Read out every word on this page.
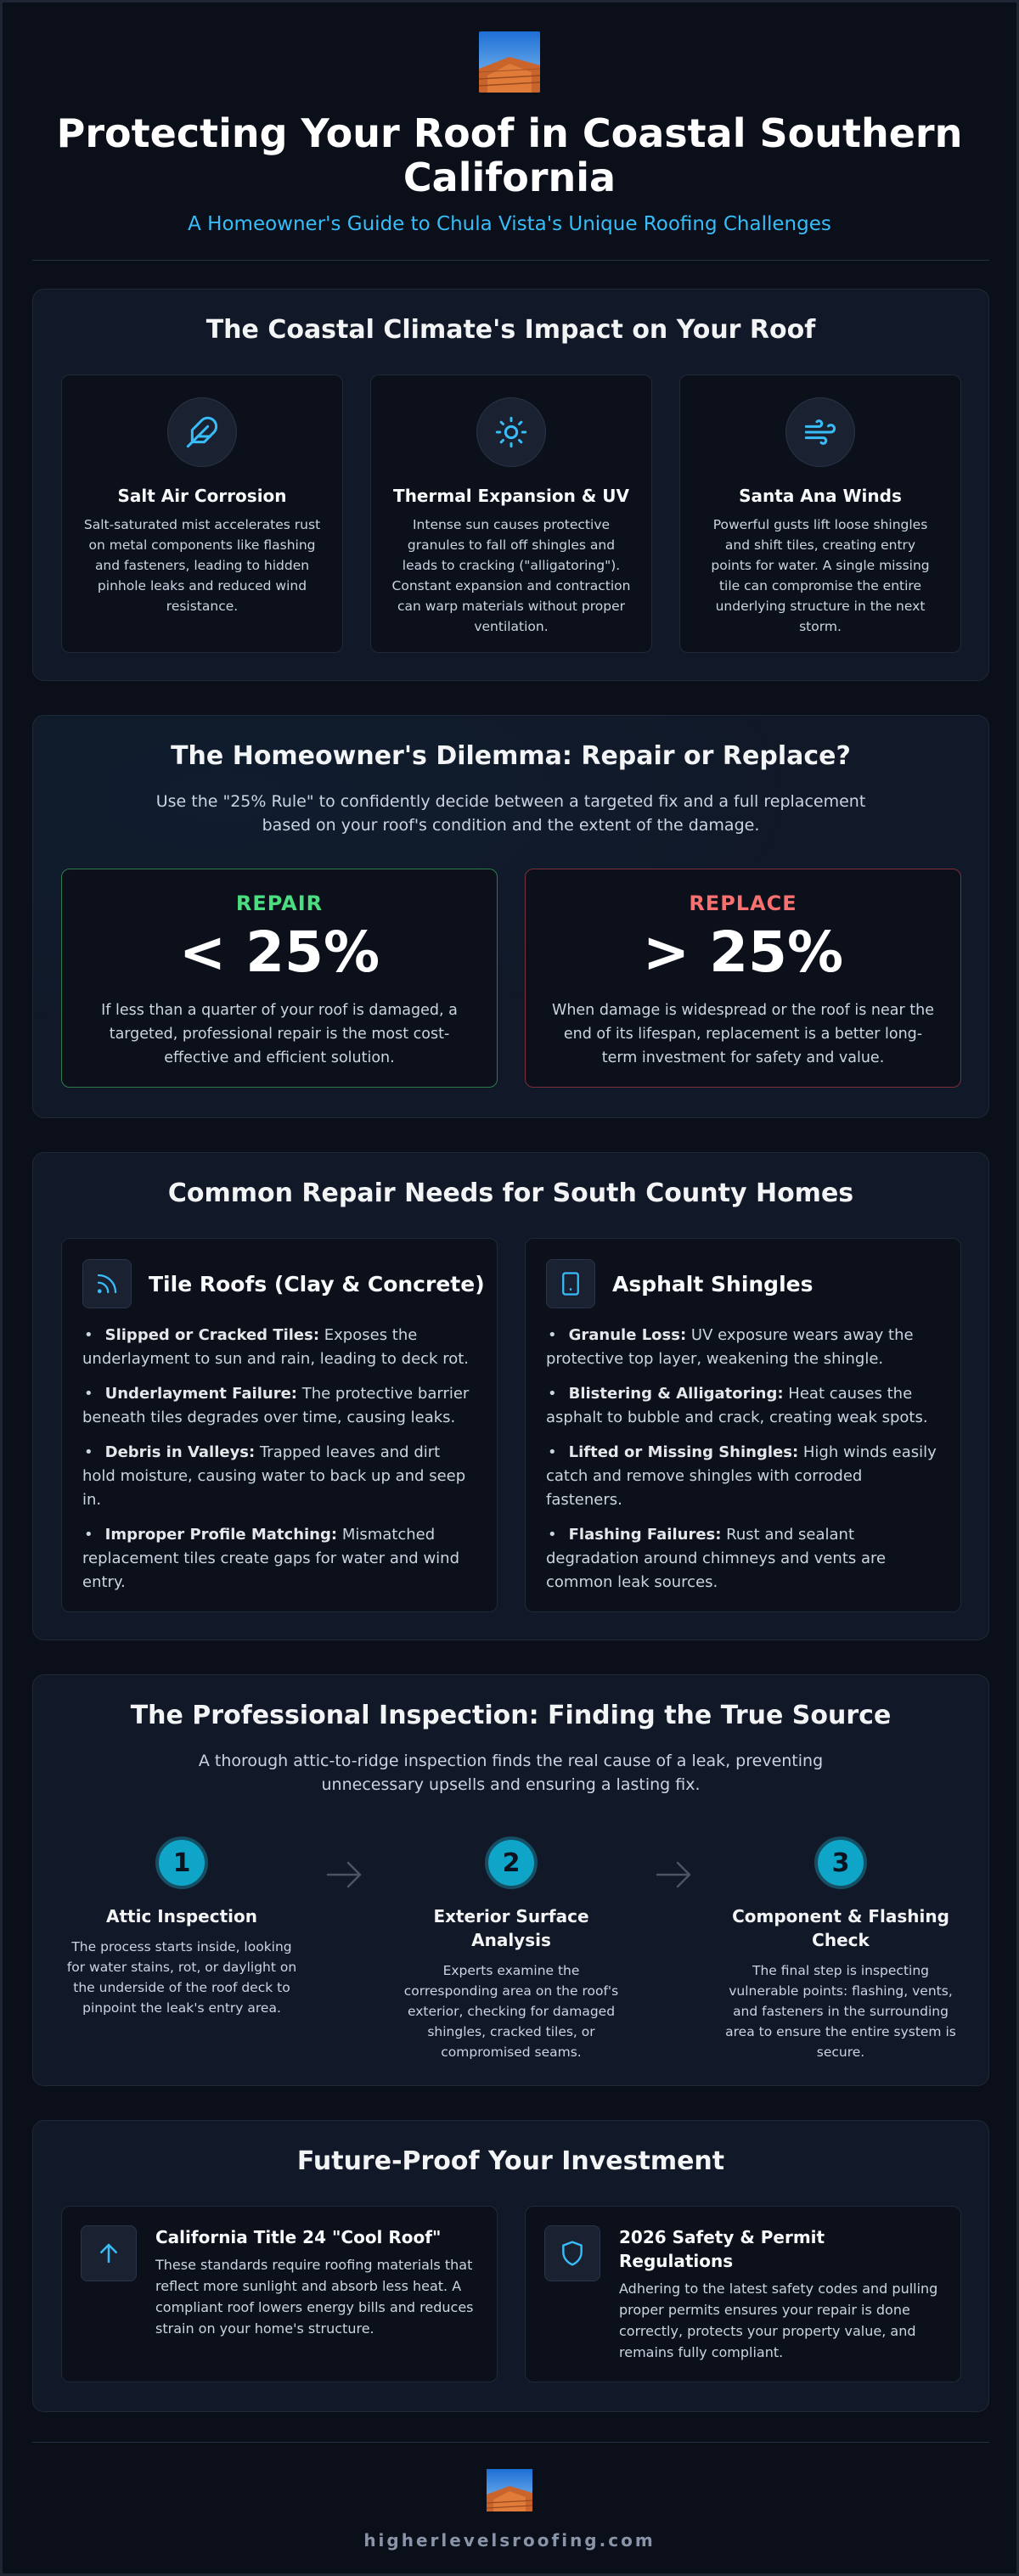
Protecting Your Roof in Coastal Southern California
A Homeowner's Guide to Chula Vista's Unique Roofing Challenges
The Coastal Climate's Impact on Your Roof
Salt Air Corrosion
Salt-saturated mist accelerates rust on metal components like flashing and fasteners, leading to hidden pinhole leaks and reduced wind resistance.
Thermal Expansion & UV
Intense sun causes protective granules to fall off shingles and leads to cracking ("alligatoring"). Constant expansion and contraction can warp materials without proper ventilation.
Santa Ana Winds
Powerful gusts lift loose shingles and shift tiles, creating entry points for water. A single missing tile can compromise the entire underlying structure in the next storm.
The Homeowner's Dilemma: Repair or Replace?
Use the "25% Rule" to confidently decide between a targeted fix and a full replacement based on your roof's condition and the extent of the damage.
REPAIR
< 25%
If less than a quarter of your roof is damaged, a targeted, professional repair is the most cost-effective and efficient solution.
REPLACE
> 25%
When damage is widespread or the roof is near the end of its lifespan, replacement is a better long-term investment for safety and value.
Common Repair Needs for South County Homes
Tile Roofs (Clay & Concrete)
• Slipped or Cracked Tiles: Exposes the underlayment to sun and rain, leading to deck rot.
• Underlayment Failure: The protective barrier beneath tiles degrades over time, causing leaks.
• Debris in Valleys: Trapped leaves and dirt hold moisture, causing water to back up and seep in.
• Improper Profile Matching: Mismatched replacement tiles create gaps for water and wind entry.
Asphalt Shingles
• Granule Loss: UV exposure wears away the protective top layer, weakening the shingle.
• Blistering & Alligatoring: Heat causes the asphalt to bubble and crack, creating weak spots.
• Lifted or Missing Shingles: High winds easily catch and remove shingles with corroded fasteners.
• Flashing Failures: Rust and sealant degradation around chimneys and vents are common leak sources.
The Professional Inspection: Finding the True Source
A thorough attic-to-ridge inspection finds the real cause of a leak, preventing unnecessary upsells and ensuring a lasting fix.
1
Attic Inspection
The process starts inside, looking for water stains, rot, or daylight on the underside of the roof deck to pinpoint the leak's entry area.
2
Exterior Surface Analysis
Experts examine the corresponding area on the roof's exterior, checking for damaged shingles, cracked tiles, or compromised seams.
3
Component & Flashing Check
The final step is inspecting vulnerable points: flashing, vents, and fasteners in the surrounding area to ensure the entire system is secure.
Future-Proof Your Investment
California Title 24 "Cool Roof"
These standards require roofing materials that reflect more sunlight and absorb less heat. A compliant roof lowers energy bills and reduces strain on your home's structure.
2026 Safety & Permit Regulations
Adhering to the latest safety codes and pulling proper permits ensures your repair is done correctly, protects your property value, and remains fully compliant.
higherlevelsroofing.com
